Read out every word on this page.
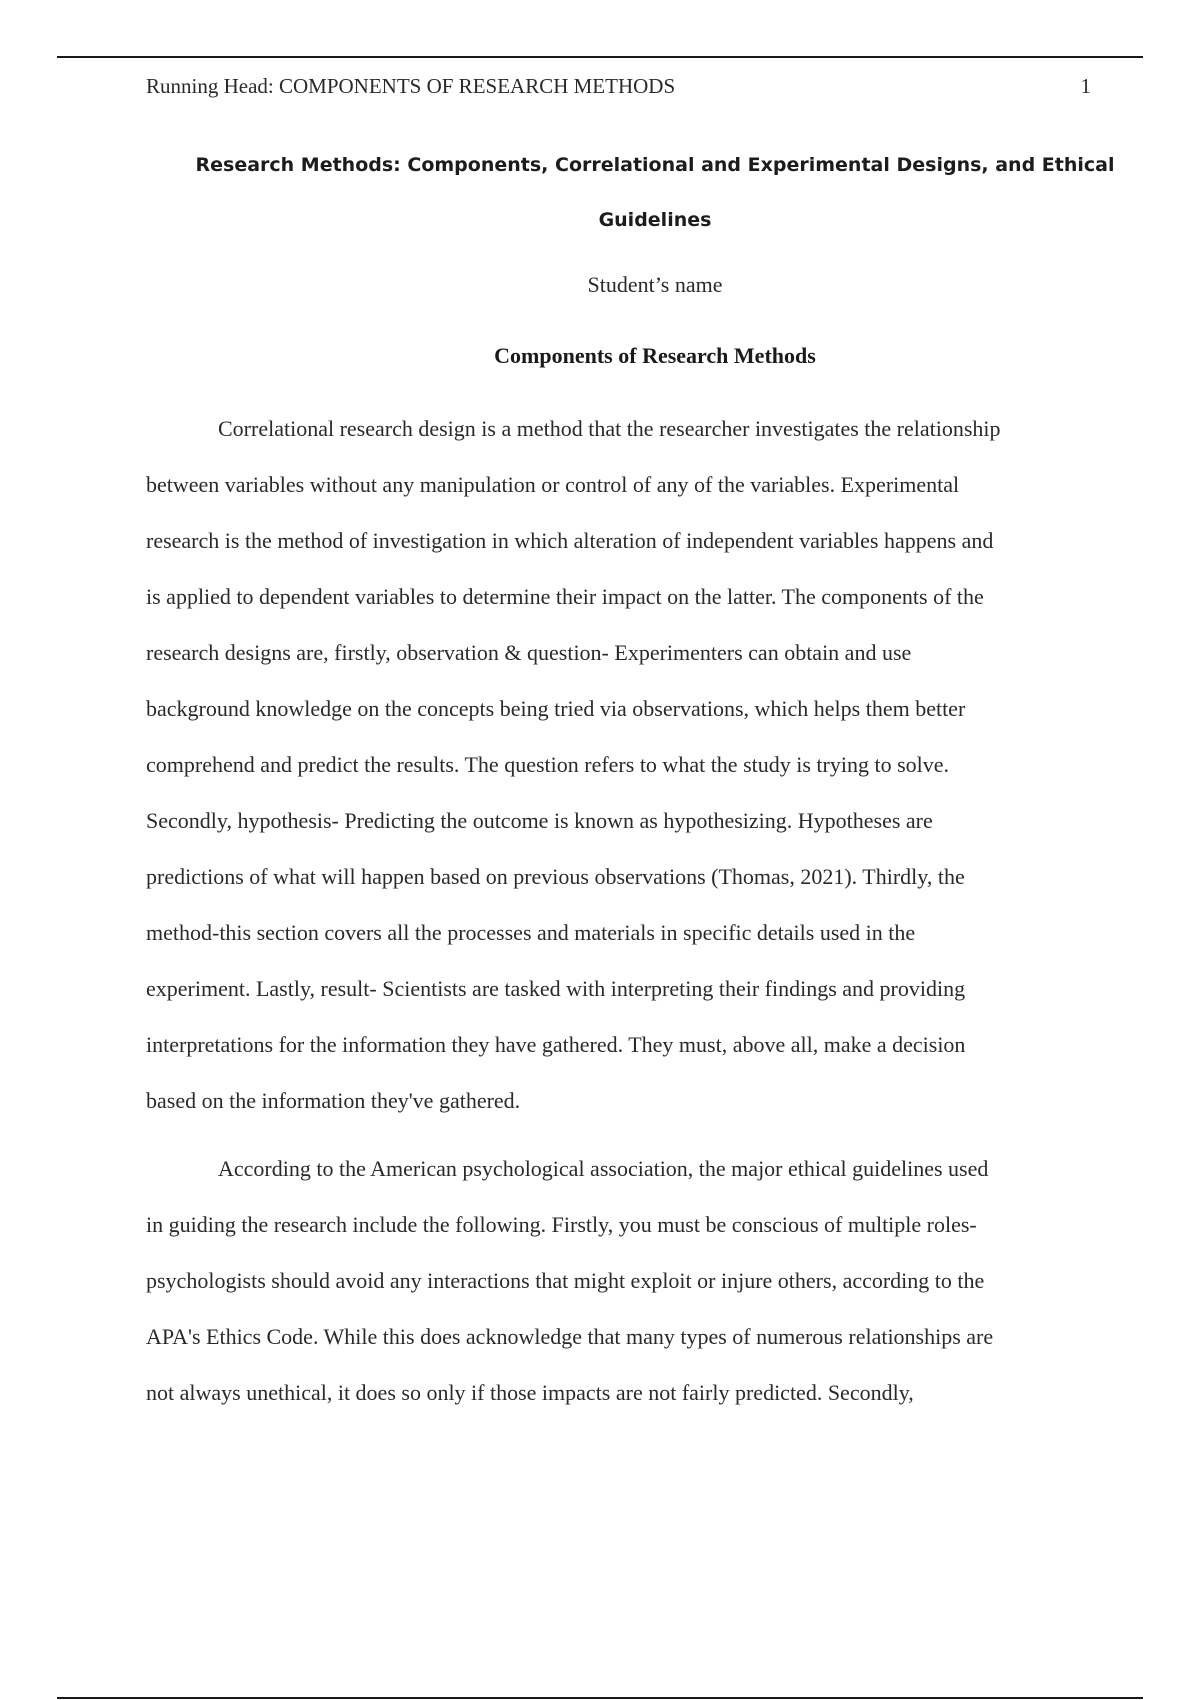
Running Head: COMPONENTS OF RESEARCH METHODS	1
Research Methods: Components, Correlational and Experimental Designs, and Ethical
Guidelines
Student’s name
Components of Research Methods
Correlational research design is a method that the researcher investigates the relationship
between variables without any manipulation or control of any of the variables. Experimental
research is the method of investigation in which alteration of independent variables happens and
is applied to dependent variables to determine their impact on the latter. The components of the
research designs are, firstly, observation & question- Experimenters can obtain and use
background knowledge on the concepts being tried via observations, which helps them better
comprehend and predict the results. The question refers to what the study is trying to solve.
Secondly, hypothesis- Predicting the outcome is known as hypothesizing. Hypotheses are
predictions of what will happen based on previous observations (Thomas, 2021). Thirdly, the
method-this section covers all the processes and materials in specific details used in the
experiment. Lastly, result- Scientists are tasked with interpreting their findings and providing
interpretations for the information they have gathered. They must, above all, make a decision
based on the information they've gathered.
According to the American psychological association, the major ethical guidelines used
in guiding the research include the following. Firstly, you must be conscious of multiple roles-
psychologists should avoid any interactions that might exploit or injure others, according to the
APA's Ethics Code. While this does acknowledge that many types of numerous relationships are
not always unethical, it does so only if those impacts are not fairly predicted. Secondly,
